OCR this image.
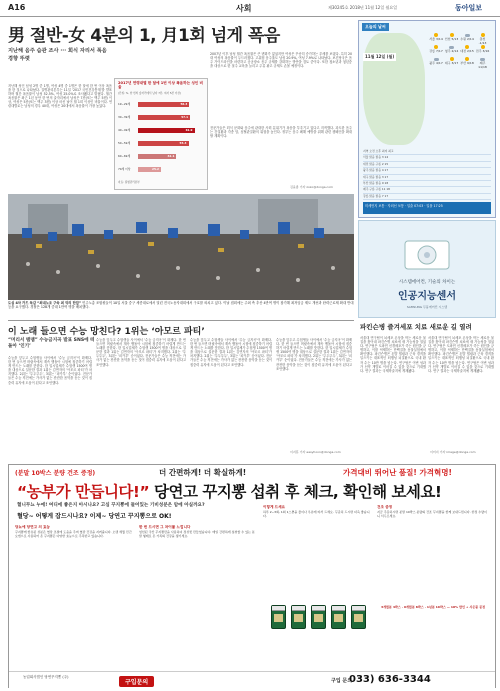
A16	사회	제30245호 2018년 11월 12일 월요일	동아일보
男 절반-女 4분의 1, 月1회 넘게 폭음
지난해 음주 습관 조사 ··· 회식 자리서 폭음 경향 뚜렷
지난해 성인 남성 2명 중 1명, 여성 4명 중 1명은 한 달에 한 번 이상 폭음을 한 것으로 나타났다. 질병관리본부는 11일 ‘2017 국민건강통계’를 발표하며 월간 폭음률이 남성 52.5%, 여성 25.0%로 조사됐다고 밝혔다. 월간 폭음률은 최근 1년 동안 한 번의 술자리에서 남성은 7잔(또는 맥주 5캔) 이상, 여성은 5잔(또는 맥주 3캔) 이상 마신 날이 월 1회 이상인 비율이다. 연령대별로는 남성의 경우 40대, 여성은 20대에서 폭음률이 가장 높았다.
2007년 이후 남성 월간 폭음률은 큰 변화가 없었지만 여성은 꾸준히 증가하는 추세를 보였다. 특히 20대 여성의 폭음률이 두드러졌다. 고위험 음주율도 남성 20.9%, 여성 7.9%로 나타났다. 보건당국은 음주 가이드라인을 마련하고 공공장소 음주 규제를 강화하는 방안을 검토 중이다. 또한 청소년과 청년층을 대상으로 한 절주 교육을 늘리고 주류 광고 규제도 손볼 예정이다.
전문가들은 회식 문화와 음주에 관대한 사회 분위기가 폭음을 부추기고 있다고 지적했다. 과도한 음주는 간질환과 각종 암, 심혈관질환의 위험을 높인다. 정부는 음주 폐해 예방을 위해 관련 캠페인을 확대할 계획이다.
김윤종 기자 zozo@donga.com
2017년 연령대별 한 달에 1번 이상 폭음하는 성인 비율
(단위: %, 한 번의 술자리에서 남자 7잔, 여자 5잔 이상)
19~29세	56.3
30~39세	57.1
40~49세	61.9
50~59세	55.3
60~69세	42.1
70세 이상	25.2
자료: 질병관리본부
오늘의 날씨
11월 12일 (월)
서울 3/14 인천 5/13 수원 2/14	춘천 -1/13
강릉 7/17 청주 2/14 대전 2/15 전주 3/16
광주 4/17 대구 3/17 부산 9/18	제주 11/18
지역 오전 오후 최저 최고
서울 맑음 맑음 3 14
대전 맑음 구름 2 15
광주 맑음 맑음 4 17
대구 맑음 맑음 3 17
부산 맑음 맑음 9 18
제주 구름 구름 11 18
강릉 맑음 맑음 7 17
미세먼지 보통 · 자외선 보통 · 일출 07:03 · 일몰 17:25
시스템에어컨, 기술의 차이는
인공지능센서
SAMSUNG 무풍에어컨 시스템
도심 4차 카드 독감 “최대노조 구속 최 악의 탄압” 민주노총 조합원들이 10일 서울 중구 세종대로에서 열린 전국노동자대회에서 구호를 외치고 있다. 이날 집회에는 주최 측 추산 4만여 명이 참가해 최저임금 제도 개선과 탄력근로제 확대 반대 등을 요구했다. 경찰은 128개 중대 1만여 명을 배치했다.
이 노래 들으면 수능 망친다? 1위는 ‘아모르 파티’
“머리서 맴맴” 수능금지곡 발표 SNS에 떠돌아 ‘인기’
수능을 앞두고 수험생들 사이에서 ‘수능 금지곡’이 화제다. 한 번 들으면 머릿속에서 계속 맴돌아 시험에 집중하기 어렵게 만드는 노래를 뜻한다. 한 입시업체가 수험생 1500여 명을 대상으로 설문한 결과 1위는 김연자의 ‘아모르 파티’가 차지했다. 2위는 ‘뚜두뚜두’, 3위는 ‘피카부’ 순이었다. 전문가들은 수능 직전에는 가사가 없는 잔잔한 음악을 듣는 것이 집중력 유지에 도움이 된다고 조언했다.
수능을 앞두고 수험생들 사이에서 ‘수능 금지곡’이 화제다. 한 번 들으면 머릿속에서 계속 맴돌아 시험에 집중하기 어렵게 만드는 노래를 뜻한다. 한 입시업체가 수험생 1500여 명을 대상으로 설문한 결과 1위는 김연자의 ‘아모르 파티’가 차지했다. 2위는 ‘뚜두뚜두’, 3위는 ‘피카부’ 순이었다. 전문가들은 수능 직전에는 가사가 없는 잔잔한 음악을 듣는 것이 집중력 유지에 도움이 된다고 조언했다.
수능을 앞두고 수험생들 사이에서 ‘수능 금지곡’이 화제다. 한 번 들으면 머릿속에서 계속 맴돌아 시험에 집중하기 어렵게 만드는 노래를 뜻한다. 한 입시업체가 수험생 1500여 명을 대상으로 설문한 결과 1위는 김연자의 ‘아모르 파티’가 차지했다. 2위는 ‘뚜두뚜두’, 3위는 ‘피카부’ 순이었다. 전문가들은 수능 직전에는 가사가 없는 잔잔한 음악을 듣는 것이 집중력 유지에 도움이 된다고 조언했다.
수능을 앞두고 수험생들 사이에서 ‘수능 금지곡’이 화제다. 한 번 들으면 머릿속에서 계속 맴돌아 시험에 집중하기 어렵게 만드는 노래를 뜻한다. 한 입시업체가 수험생 1500여 명을 대상으로 설문한 결과 1위는 김연자의 ‘아모르 파티’가 차지했다. 2위는 ‘뚜두뚜두’, 3위는 ‘피카부’ 순이었다. 전문가들은 수능 직전에는 가사가 없는 잔잔한 음악을 듣는 것이 집중력 유지에 도움이 된다고 조언했다.
이지훈 기자 easyhoon@donga.com
파킨슨병 즐겨세포 치료 새로운 길 열려
서울대 연구팀이 뇌세포 손상을 막는 새로운 물질을 찾아내 파킨슨병 치료에 새 가능성을 열었다. 연구팀은 도파민 신경세포가 죽는 원인을 규명하고, 이를 억제하는 단백질을 동물실험에서 확인했다. 파킨슨병은 손발 떨림과 근육 경직을 일으키는 대표적인 퇴행성 뇌질환으로 국내 환자 수는 10만 명을 넘는다. 연구팀은 이번 성과가 신약 개발로 이어질 수 있을 것으로 기대했다. 연구 결과는 국제학술지에 게재됐다.
서울대 연구팀이 뇌세포 손상을 막는 새로운 물질을 찾아내 파킨슨병 치료에 새 가능성을 열었다. 연구팀은 도파민 신경세포가 죽는 원인을 규명하고, 이를 억제하는 단백질을 동물실험에서 확인했다. 파킨슨병은 손발 떨림과 근육 경직을 일으키는 대표적인 퇴행성 뇌질환으로 국내 환자 수는 10만 명을 넘는다. 연구팀은 이번 성과가 신약 개발로 이어질 수 있을 것으로 기대했다. 연구 결과는 국제학술지에 게재됐다.
이미지 기자 image@donga.com
(분말 10박스 분량 건조 증정)	더 간편하게! 더 확실하게!	가격대비 뛰어난 품질! 가격혁명!
“농부가 만듭니다!” 당연고 꾸지뽕 섭취 후 체크, 확인해 보세요!
혈니무뇨 누에! 여디에 좋은지 아시나요? 고심 꾸지뽕에 들어있는 기비성분은 암에 아실까요?
혈당~ 어떻게 잡드시나요? 이제~ 당연고 꾸지뽕으로 OK!
당뇨에 당연고 의 효능
꾸지뽕에 함유된 성분은 혈당 조절에 도움을 주며 혈관 건강을 지켜줍니다. 오랜 세월 민간요법으로 사용되어 온 꾸지뽕은 다양한 효능으로 주목받고 있습니다.
한 번 드시면 그 차이를 느낍니다
엄선된 국산 꾸지뽕만을 사용하여 정성껏 만들었습니다. 매일 간편하게 섭취할 수 있는 분말 형태로 온 가족의 건강을 챙기세요.
이렇게 드세요
하루 2~3회, 1회 1스푼을 물이나 우유에 타서 드세요. 꾸준히 드시면 더욱 좋습니다.
건조 증정
지금 주문하시면 분말 10박스 분량의 건조 꾸지뽕을 함께 보내드립니다. 한정 수량이니 서두르세요.
3개월분 4박스 · 6개월분 8박스 · 1년분 16박스 — 10% 할인 + 사은품 증정
농업회사법인 당연꾸지뽕 (주)
구입문의	구입 문의
033) 636-3344
